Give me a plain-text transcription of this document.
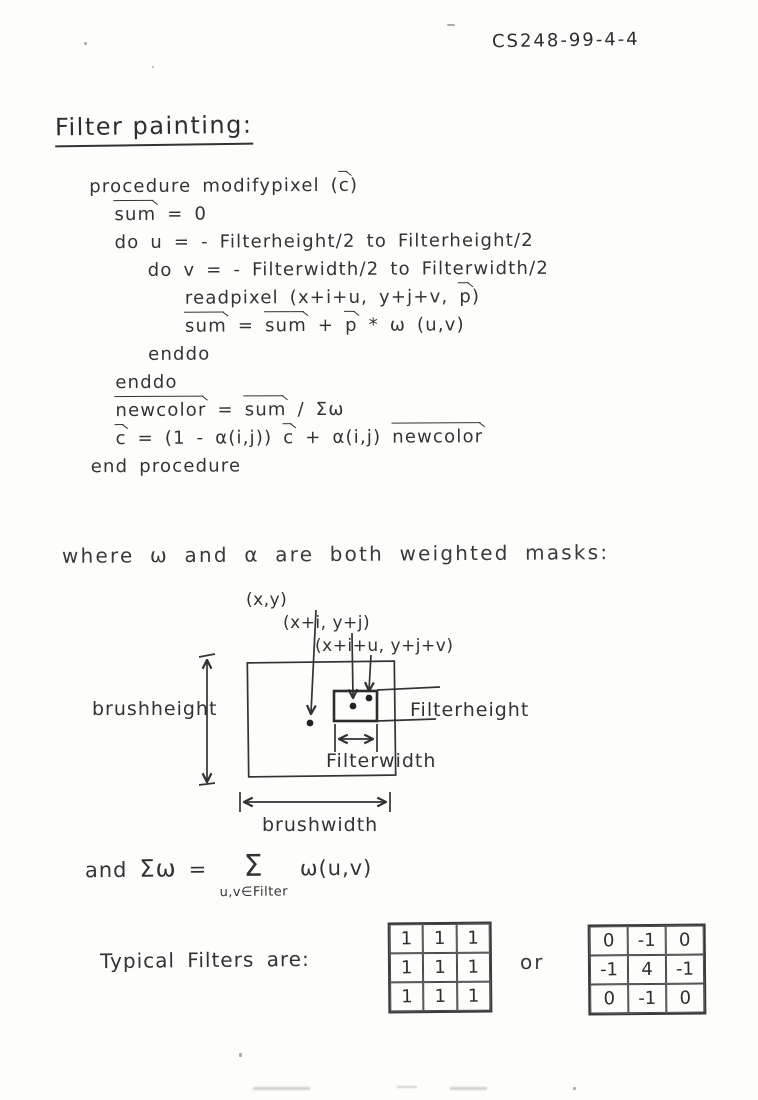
CS248-99-4-4
Filter painting:
procedure modifypixel (c)
sum = 0
do u = - Filterheight/2 to Filterheight/2
do v = - Filterwidth/2 to Filterwidth/2
readpixel (x+i+u, y+j+v, p)
sum = sum + p * ω (u,v)
enddo
enddo
newcolor = sum / Σω
c = (1 - α(i,j)) c + α(i,j) newcolor
end procedure
where ω and α are both weighted masks:
(x,y)
(x+i, y+j)
(x+i+u, y+j+v)
Filterheight
Filterwidth
brushheight
brushwidth
and Σω = Σ
u,v∈Filter
ω(u,v)
Typical Filters are:
1	1	1
1	1	1
1	1	1
or
0	-1	0
-1	4	-1
0	-1	0
